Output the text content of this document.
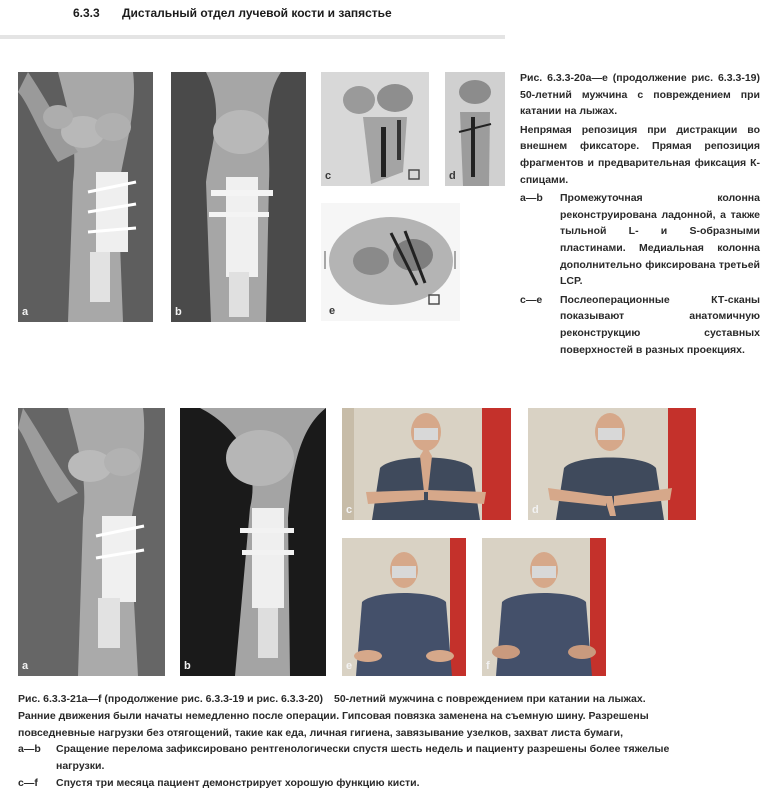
6.3.3 Дистальный отдел лучевой кости и запястье
a	b
c	d
e

Рис. 6.3.3-20a—e (продолжение рис. 6.3.3-19) 50-летний мужчина с повреждением при катании на лыжах.

Непрямая репозиция при дистракции во внешнем фиксаторе. Прямая репозиция фрагментов и предварительная фиксация К-спицами.

a—b	Промежуточная колонна реконструирована ладонной, а также тыльной L- и S-образными пластинами. Медиальная колонна дополнительно фиксирована третьей LCP.
c—e	Послеоперационные КТ-сканы показывают анатомичную реконструкцию суставных поверхностей в разных проекциях.
a	b
c	d
e	f

Рис. 6.3.3-21a—f (продолжение рис. 6.3.3-19 и рис. 6.3.3-20) 50-летний мужчина с повреждением при катании на лыжах.

Ранние движения были начаты немедленно после операции. Гипсовая повязка заменена на съемную шину. Разрешены повседневные нагрузки без отягощений, такие как еда, личная гигиена, завязывание узелков, захват листа бумаги,

a—b	Сращение перелома зафиксировано рентгенологически спустя шесть недель и пациенту разрешены более тяжелые нагрузки.
c—f	Спустя три месяца пациент демонстрирует хорошую функцию кисти.
